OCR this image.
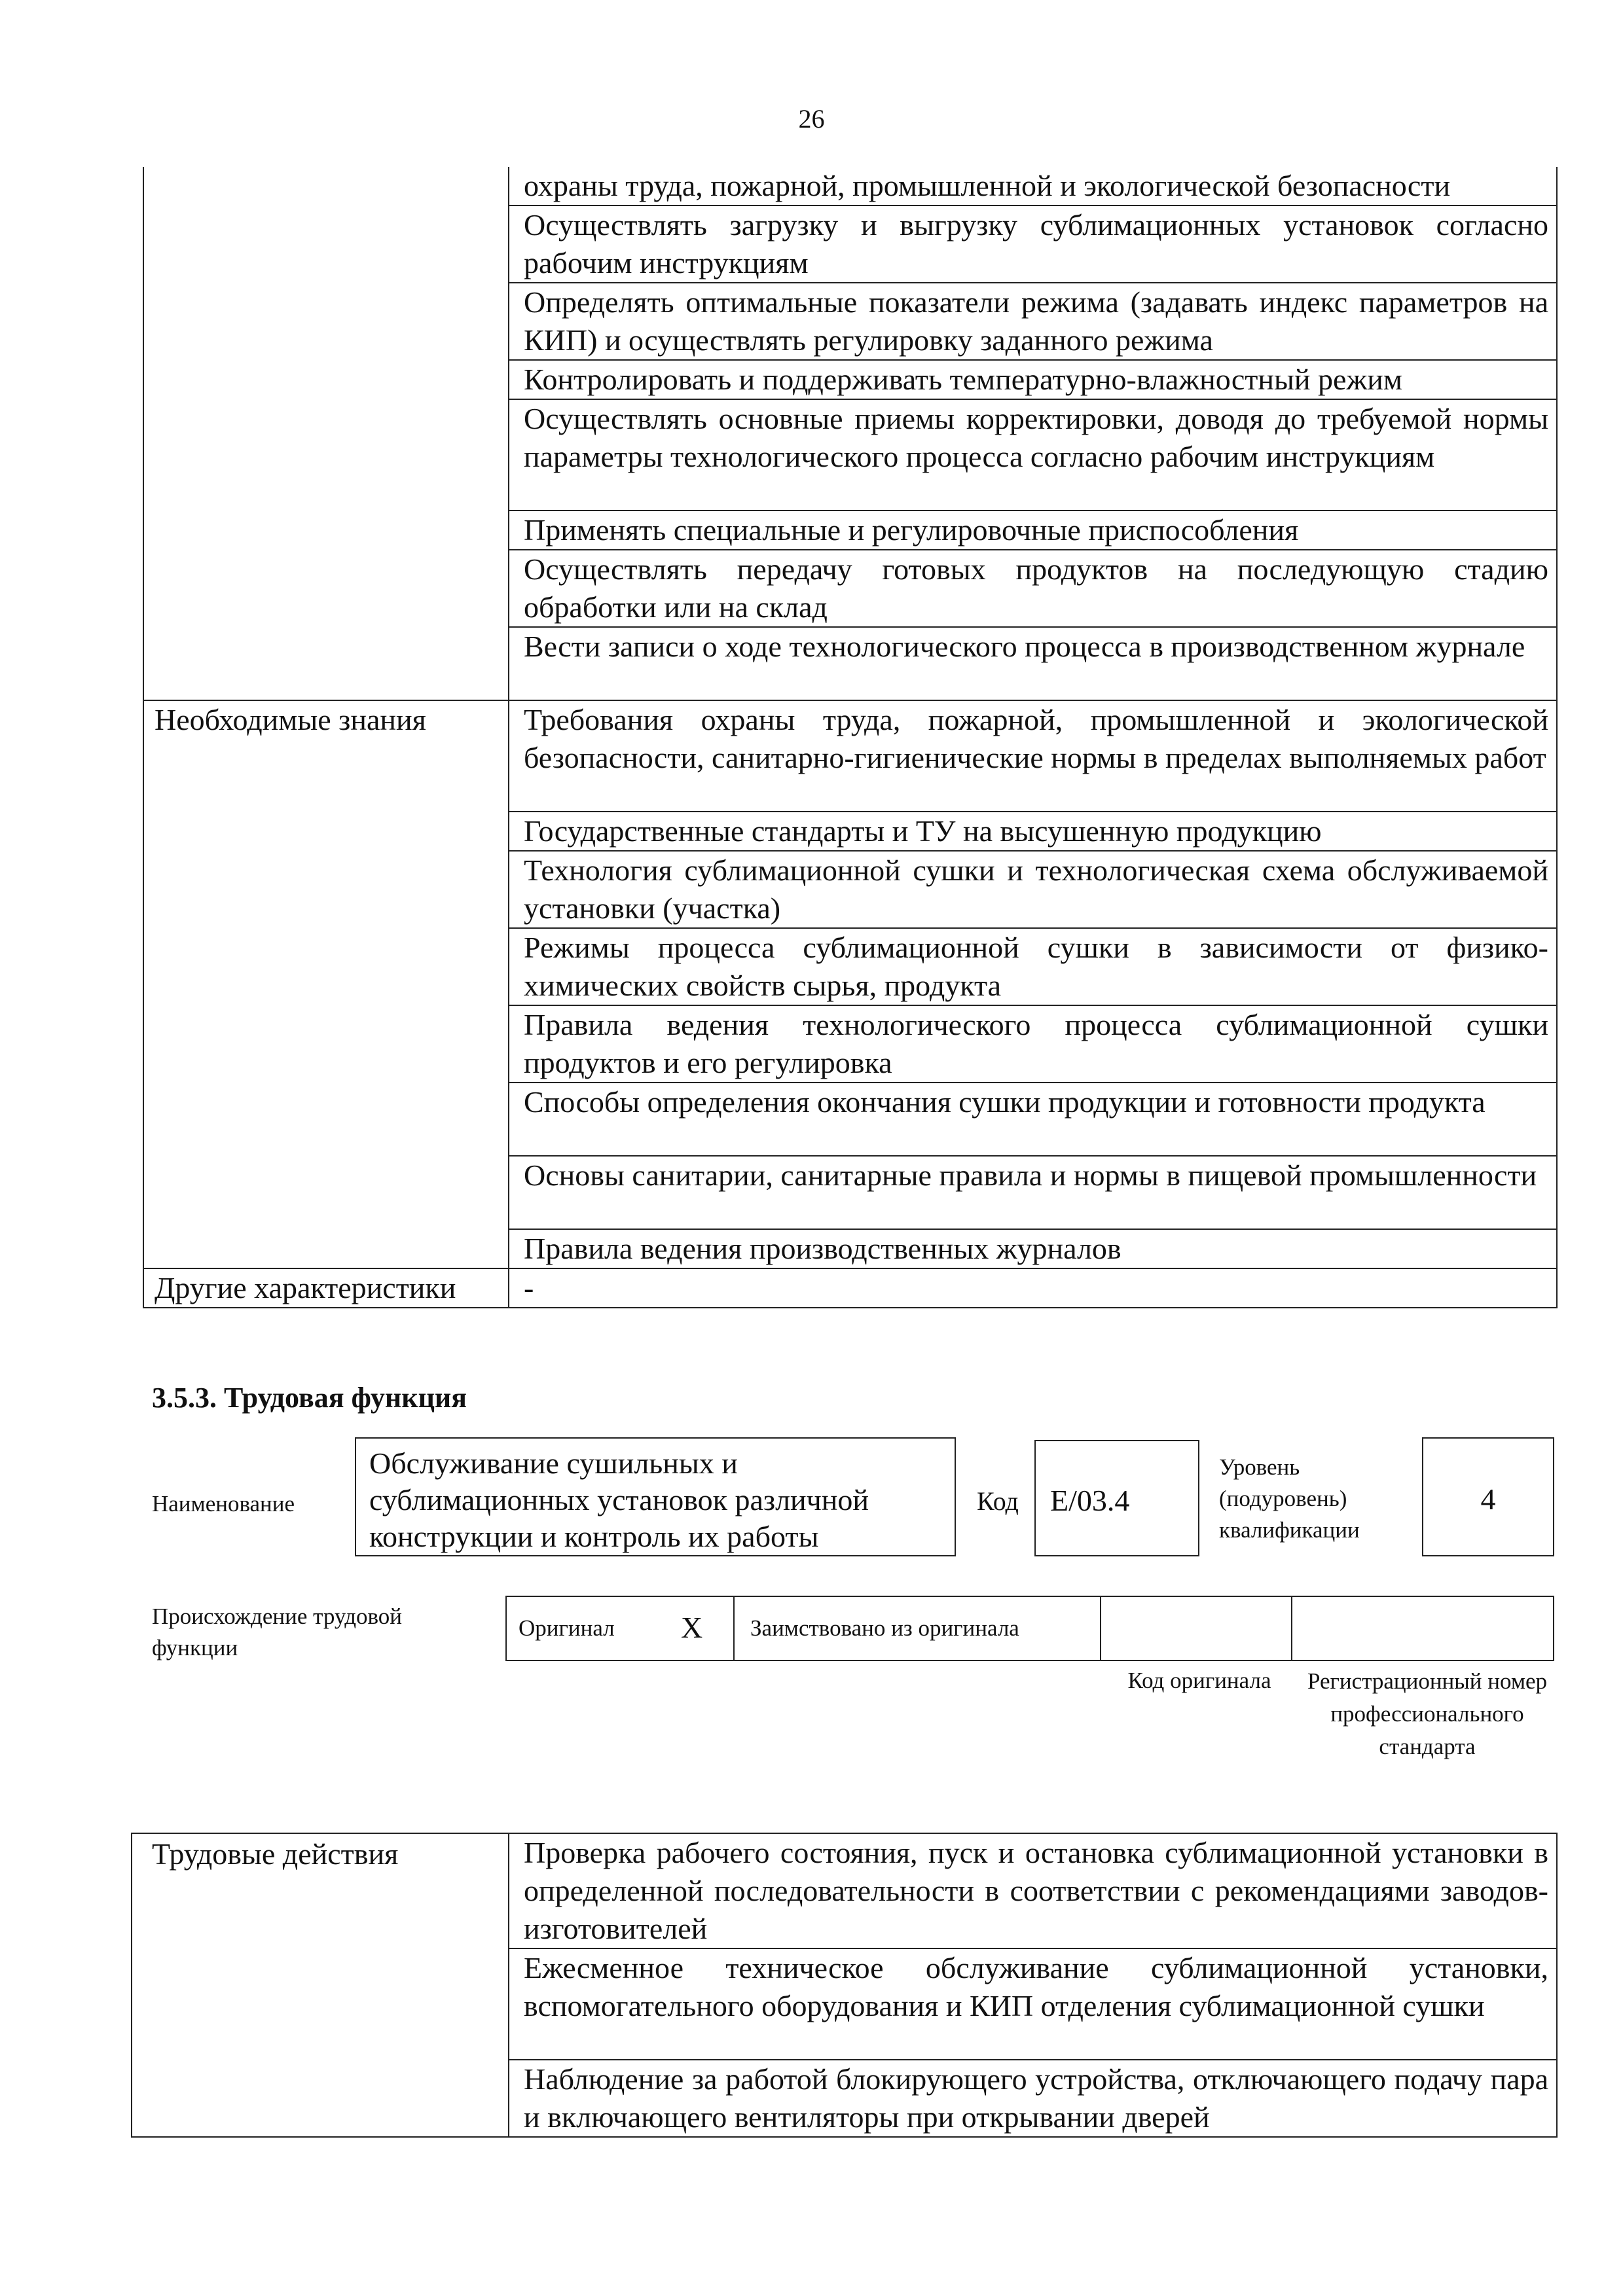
26
	охраны труда, пожарной, промышленной и экологической безопасности
	Осуществлять загрузку и выгрузку сублимационных установок согласно рабочим инструкциям
	Определять оптимальные показатели режима (задавать индекс параметров на КИП) и осуществлять регулировку заданного режима
	Контролировать и поддерживать температурно-влажностный режим
	Осуществлять основные приемы корректировки, доводя до требуемой нормы параметры технологического процесса согласно рабочим инструкциям
	Применять специальные и регулировочные приспособления
	Осуществлять передачу готовых продуктов на последующую стадию обработки или на склад
	Вести записи о ходе технологического процесса в производственном журнале
Необходимые знания	Требования охраны труда, пожарной, промышленной и экологической безопасности, санитарно-гигиенические нормы в пределах выполняемых работ
	Государственные стандарты и ТУ на высушенную продукцию
	Технология сублимационной сушки и технологическая схема обслуживаемой установки (участка)
	Режимы процесса сублимационной сушки в зависимости от физико-химических свойств сырья, продукта
	Правила ведения технологического процесса сублимационной сушки продуктов и его регулировка
	Способы определения окончания сушки продукции и готовности продукта
	Основы санитарии, санитарные правила и нормы в пищевой промышленности
	Правила ведения производственных журналов
Другие характеристики	-
3.5.3. Трудовая функция
Наименование
Обслуживание сушильных и сублимационных установок различной конструкции и контроль их работы
Код	E/03.4
Уровень
(подуровень)
квалификации
4
Происхождение трудовой функции
Оригинал X Заимствовано из оригинала
Код оригинала	Регистрационный номер профессионального стандарта
Трудовые действия	Проверка рабочего состояния, пуск и остановка сублимационной установки в определенной последовательности в соответствии с рекомендациями заводов-изготовителей
Ежесменное техническое обслуживание сублимационной установки, вспомогательного оборудования и КИП отделения сублимационной сушки
Наблюдение за работой блокирующего устройства, отключающего подачу пара и включающего вентиляторы при открывании дверей
